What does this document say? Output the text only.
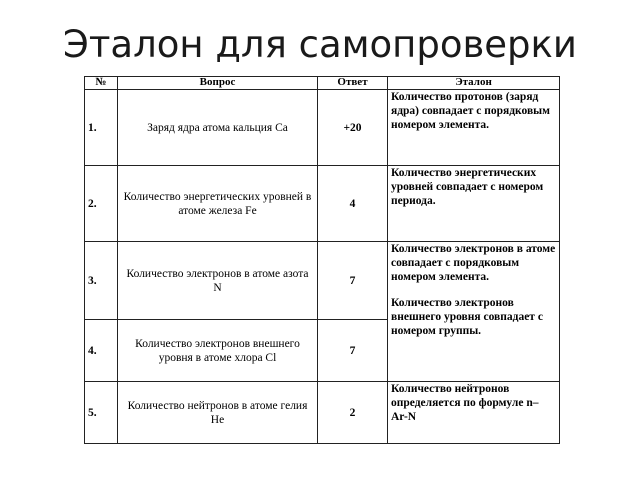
Эталон для самопроверки
№	Вопрос	Ответ	Эталон
1.	Заряд ядра атома кальция Ca	+20	Количество протонов (заряд ядра) совпадает с порядковым номером элемента.
2.	Количество энергетических уровней в атоме железа Fe	4	Количество энергетических уровней совпадает с номером периода.
3.	Количество электронов в атоме азота N	7	Количество электронов в атоме совпадает с порядковым номером элемента.
Количество электронов внешнего уровня совпадает с номером группы.

4.	Количество электронов внешнего уровня в атоме хлора Cl	7	
5.	Количество нейтронов в атоме гелия He	2	Количество нейтронов определяется по формуле n– Ar-N
